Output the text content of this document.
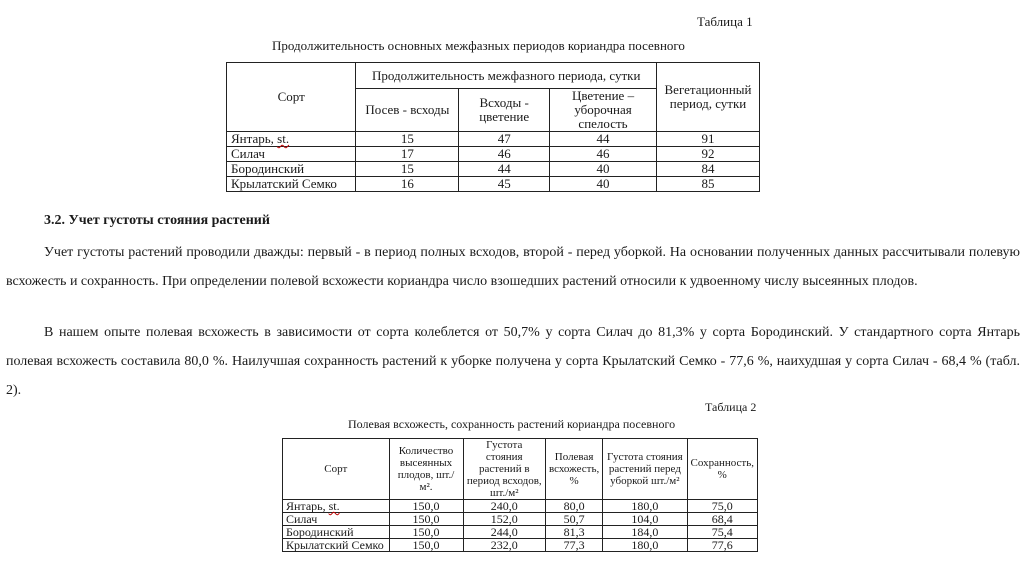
Таблица 1
Продолжительность основных межфазных периодов кориандра посевного
Сорт	Продолжительность межфазного периода, сутки			Вегетационный период, сутки
	Посев - всходы	Всходы - цветение	Цветение – уборочная спелость	
Янтарь, st.	15	47	44	91
Силач	17	46	46	92
Бородинский	15	44	40	84
Крылатский Семко	16	45	40	85
3.2. Учет густоты стояния растений
Учет густоты растений проводили дважды: первый - в период полных всходов, второй - перед уборкой. На основании полученных данных рассчитывали полевую всхожесть и сохранность. При определении полевой всхожести кориандра число взошедших растений относили к удвоенному числу высеянных плодов.
В нашем опыте полевая всхожесть в зависимости от сорта колеблется от 50,7% у сорта Силач до 81,3% у сорта Бородинский. У стандартного сорта Янтарь полевая всхожесть составила 80,0 %. Наилучшая сохранность растений к уборке получена у сорта Крылатский Семко - 77,6 %, наихудшая у сорта Силач - 68,4 % (табл. 2).
Таблица 2
Полевая всхожесть, сохранность растений кориандра посевного
Сорт	Количество высеянных плодов, шт./м².	Густота стояния растений в период всходов, шт./м²	Полевая всхожесть, %	Густота стояния растений перед уборкой шт./м²	Сохранность, %
Янтарь, st.	150,0	240,0	80,0	180,0	75,0
Силач	150,0	152,0	50,7	104,0	68,4
Бородинский	150,0	244,0	81,3	184,0	75,4
Крылатский Семко	150,0	232,0	77,3	180,0	77,6
